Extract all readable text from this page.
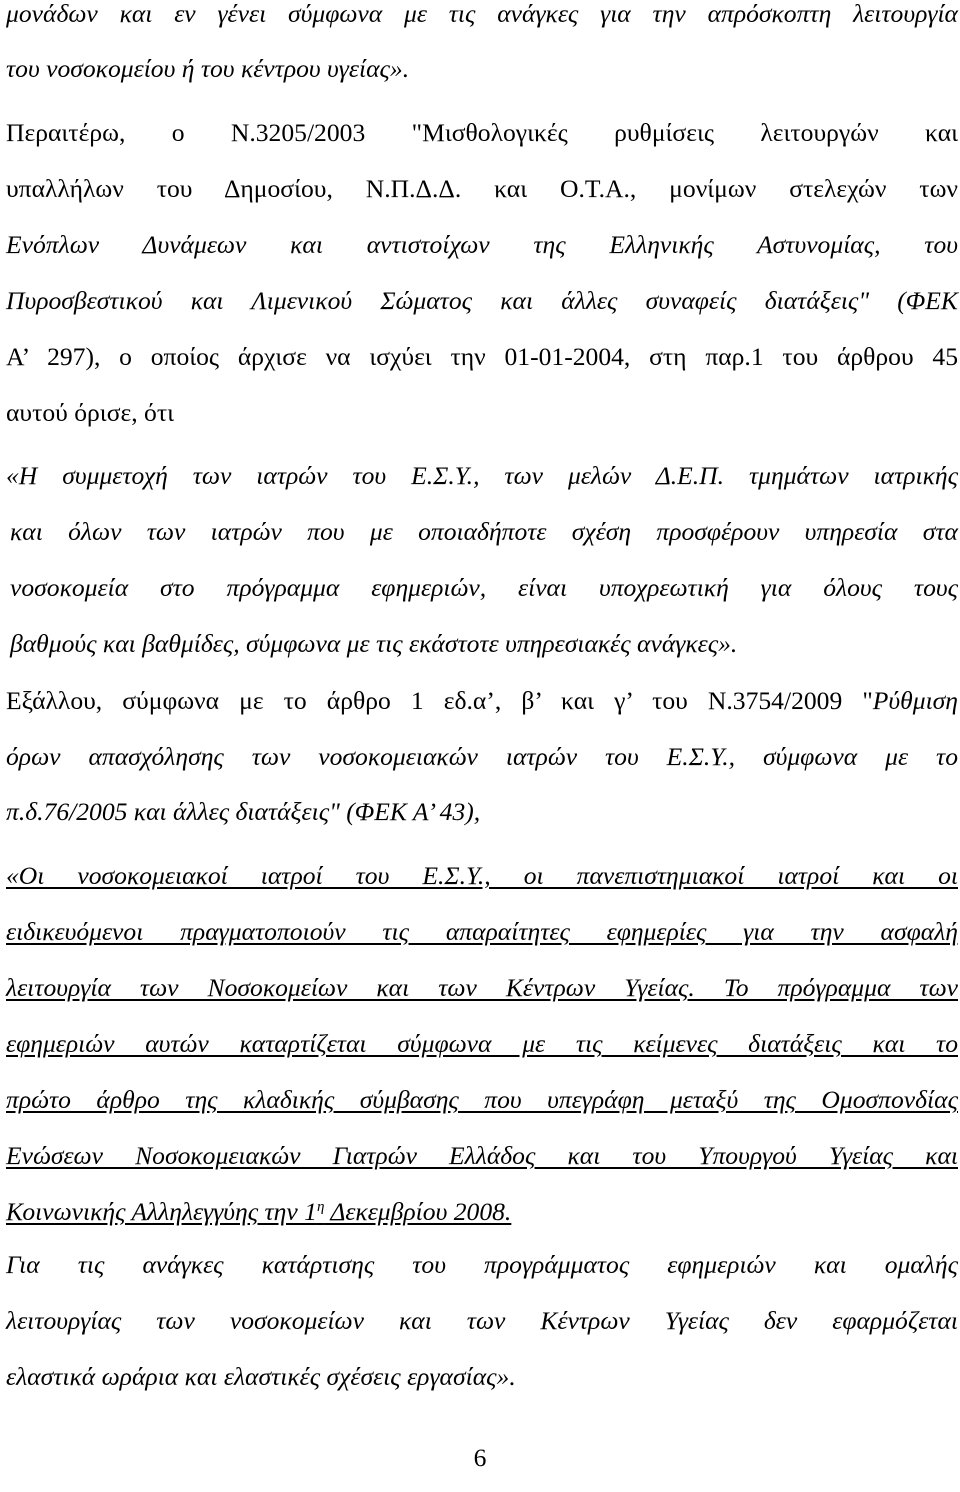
μονάδων και εν γένει σύμφωνα με τις ανάγκες για την απρόσκοπτη λειτουργία
του νοσοκομείου ή του κέντρου υγείας».
Περαιτέρω, ο Ν.3205/2003 "Μισθολογικές ρυθμίσεις λειτουργών και
υπαλλήλων του Δημοσίου, Ν.Π.Δ.Δ. και Ο.Τ.Α., μονίμων στελεχών των
Ενόπλων Δυνάμεων και αντιστοίχων της Ελληνικής Αστυνομίας, του
Πυροσβεστικού και Λιμενικού Σώματος και άλλες συναφείς διατάξεις" (ΦΕΚ
Α’ 297), ο οποίος άρχισε να ισχύει την 01-01-2004, στη παρ.1 του άρθρου 45
αυτού όρισε, ότι
«Η συμμετοχή των ιατρών του Ε.Σ.Υ., των μελών Δ.Ε.Π. τμημάτων ιατρικής
και όλων των ιατρών που με οποιαδήποτε σχέση προσφέρουν υπηρεσία στα
νοσοκομεία στο πρόγραμμα εφημεριών, είναι υποχρεωτική για όλους τους
βαθμούς και βαθμίδες, σύμφωνα με τις εκάστοτε υπηρεσιακές ανάγκες».
Εξάλλου, σύμφωνα με το άρθρο 1 εδ.α’, β’ και γ’ του Ν.3754/2009 "Ρύθμιση
όρων απασχόλησης των νοσοκομειακών ιατρών του Ε.Σ.Υ., σύμφωνα με το
π.δ.76/2005 και άλλες διατάξεις" (ΦΕΚ Α’ 43),
«Οι νοσοκομειακοί ιατροί του Ε.Σ.Υ., οι πανεπιστημιακοί ιατροί και οι
ειδικευόμενοι πραγματοποιούν τις απαραίτητες εφημερίες για την ασφαλή
λειτουργία των Νοσοκομείων και των Κέντρων Υγείας. Το πρόγραμμα των
εφημεριών αυτών καταρτίζεται σύμφωνα με τις κείμενες διατάξεις και το
πρώτο άρθρο της κλαδικής σύμβασης που υπεγράφη μεταξύ της Ομοσπονδίας
Ενώσεων Νοσοκομειακών Γιατρών Ελλάδος και του Υπουργού Υγείας και
Κοινωνικής Αλληλεγγύης την $1^\eta$ Δεκεμβρίου 2008.
Για τις ανάγκες κατάρτισης του προγράμματος εφημεριών και ομαλής
λειτουργίας των νοσοκομείων και των Κέντρων Υγείας δεν εφαρμόζεται
ελαστικά ωράρια και ελαστικές σχέσεις εργασίας».
6
